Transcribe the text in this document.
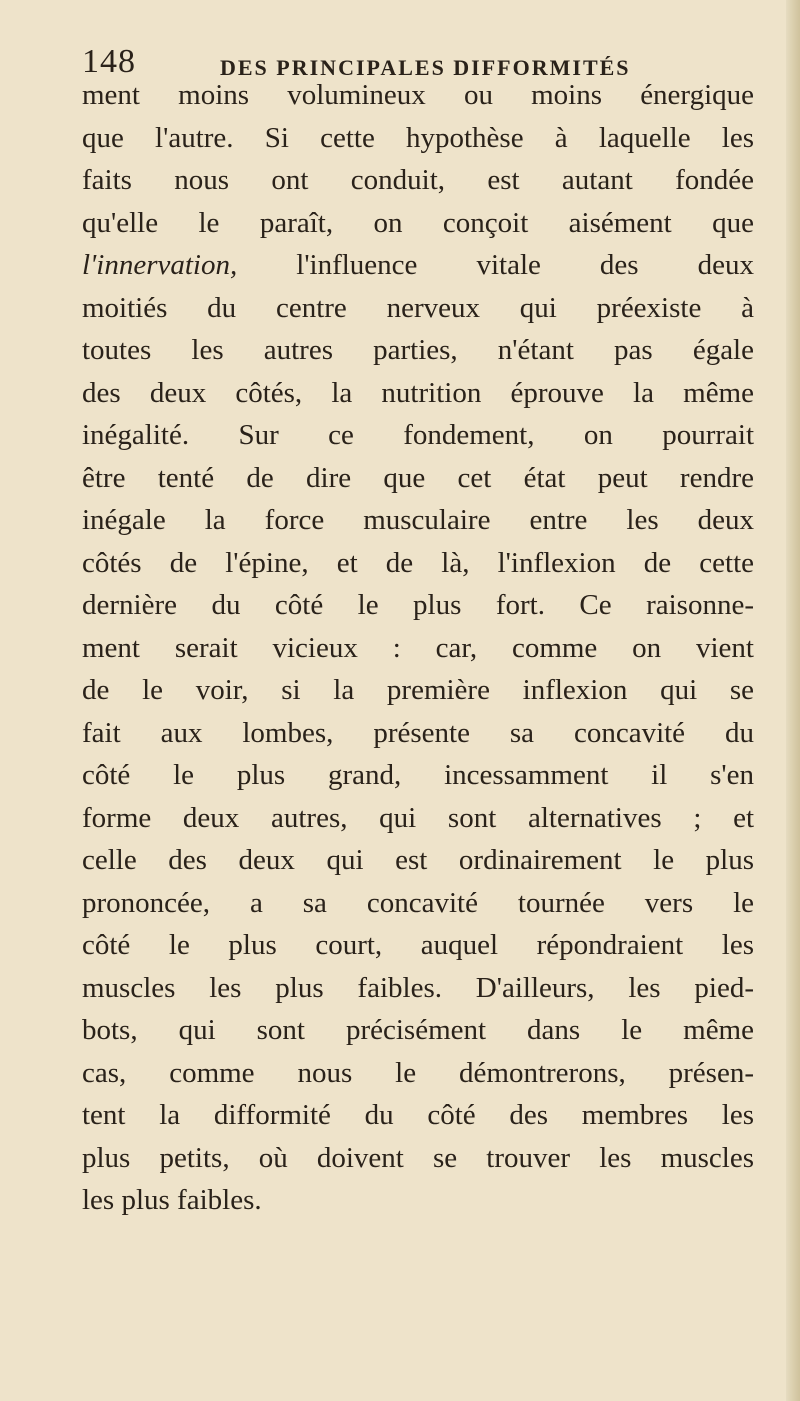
148	DES PRINCIPALES DIFFORMITÉS
ment moins volumineux ou moins énergique
que l'autre. Si cette hypothèse à laquelle les
faits nous ont conduit, est autant fondée
qu'elle le paraît, on conçoit aisément que
l'innervation, l'influence vitale des deux
moitiés du centre nerveux qui préexiste à
toutes les autres parties, n'étant pas égale
des deux côtés, la nutrition éprouve la même
inégalité. Sur ce fondement, on pourrait
être tenté de dire que cet état peut rendre
inégale la force musculaire entre les deux
côtés de l'épine, et de là, l'inflexion de cette
dernière du côté le plus fort. Ce raisonne-
ment serait vicieux : car, comme on vient
de le voir, si la première inflexion qui se
fait aux lombes, présente sa concavité du
côté le plus grand, incessamment il s'en
forme deux autres, qui sont alternatives ; et
celle des deux qui est ordinairement le plus
prononcée, a sa concavité tournée vers le
côté le plus court, auquel répondraient les
muscles les plus faibles. D'ailleurs, les pied-
bots, qui sont précisément dans le même
cas, comme nous le démontrerons, présen-
tent la difformité du côté des membres les
plus petits, où doivent se trouver les muscles
les plus faibles.
